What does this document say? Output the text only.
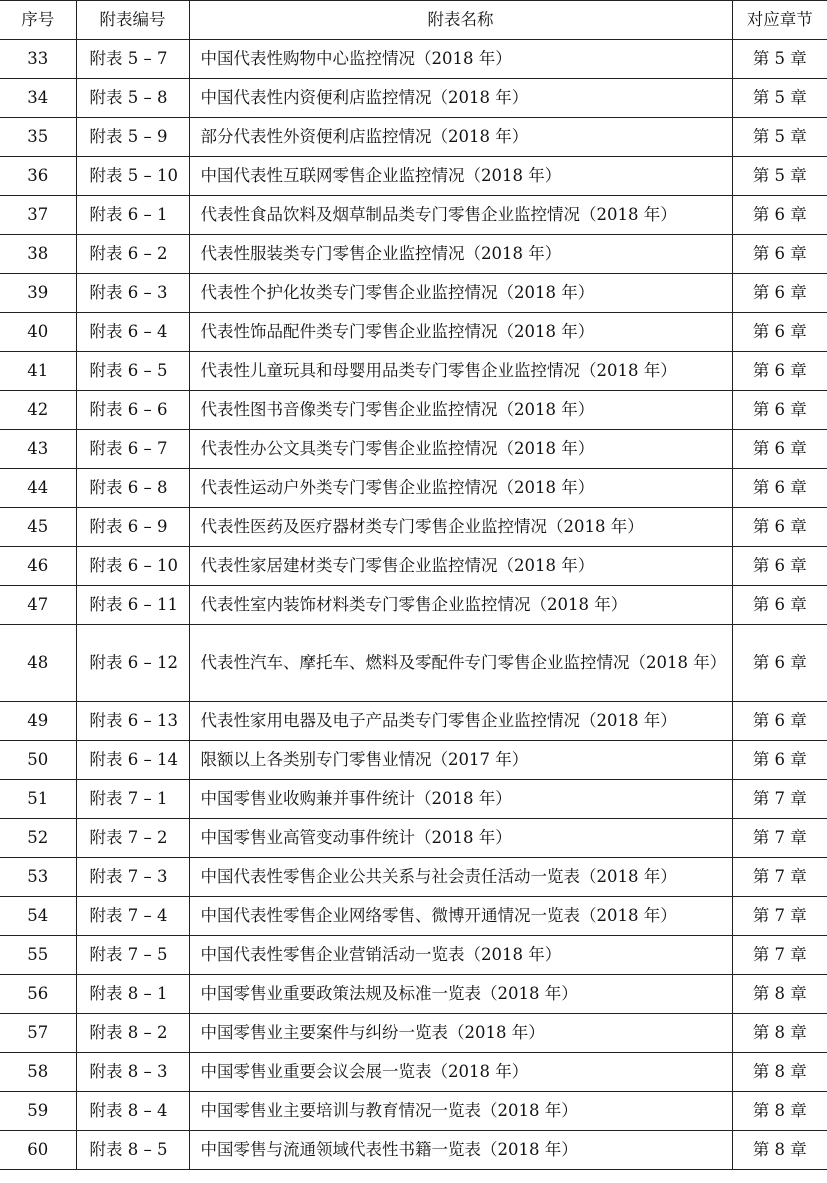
序号	附表编号	附表名称	对应章节
33	附表 5 – 7	中国代表性购物中心监控情况（2018 年）	第 5 章
34	附表 5 – 8	中国代表性内资便利店监控情况（2018 年）	第 5 章
35	附表 5 – 9	部分代表性外资便利店监控情况（2018 年）	第 5 章
36	附表 5 – 10	中国代表性互联网零售企业监控情况（2018 年）	第 5 章
37	附表 6 – 1	代表性食品饮料及烟草制品类专门零售企业监控情况（2018 年）	第 6 章
38	附表 6 – 2	代表性服装类专门零售企业监控情况（2018 年）	第 6 章
39	附表 6 – 3	代表性个护化妆类专门零售企业监控情况（2018 年）	第 6 章
40	附表 6 – 4	代表性饰品配件类专门零售企业监控情况（2018 年）	第 6 章
41	附表 6 – 5	代表性儿童玩具和母婴用品类专门零售企业监控情况（2018 年）	第 6 章
42	附表 6 – 6	代表性图书音像类专门零售企业监控情况（2018 年）	第 6 章
43	附表 6 – 7	代表性办公文具类专门零售企业监控情况（2018 年）	第 6 章
44	附表 6 – 8	代表性运动户外类专门零售企业监控情况（2018 年）	第 6 章
45	附表 6 – 9	代表性医药及医疗器材类专门零售企业监控情况（2018 年）	第 6 章
46	附表 6 – 10	代表性家居建材类专门零售企业监控情况（2018 年）	第 6 章
47	附表 6 – 11	代表性室内装饰材料类专门零售企业监控情况（2018 年）	第 6 章
48	附表 6 – 12	代表性汽车、摩托车、燃料及零配件专门零售企业监控情况（2018 年）	第 6 章
49	附表 6 – 13	代表性家用电器及电子产品类专门零售企业监控情况（2018 年）	第 6 章
50	附表 6 – 14	限额以上各类别专门零售业情况（2017 年）	第 6 章
51	附表 7 – 1	中国零售业收购兼并事件统计（2018 年）	第 7 章
52	附表 7 – 2	中国零售业高管变动事件统计（2018 年）	第 7 章
53	附表 7 – 3	中国代表性零售企业公共关系与社会责任活动一览表（2018 年）	第 7 章
54	附表 7 – 4	中国代表性零售企业网络零售、微博开通情况一览表（2018 年）	第 7 章
55	附表 7 – 5	中国代表性零售企业营销活动一览表（2018 年）	第 7 章
56	附表 8 – 1	中国零售业重要政策法规及标准一览表（2018 年）	第 8 章
57	附表 8 – 2	中国零售业主要案件与纠纷一览表（2018 年）	第 8 章
58	附表 8 – 3	中国零售业重要会议会展一览表（2018 年）	第 8 章
59	附表 8 – 4	中国零售业主要培训与教育情况一览表（2018 年）	第 8 章
60	附表 8 – 5	中国零售与流通领域代表性书籍一览表（2018 年）	第 8 章
